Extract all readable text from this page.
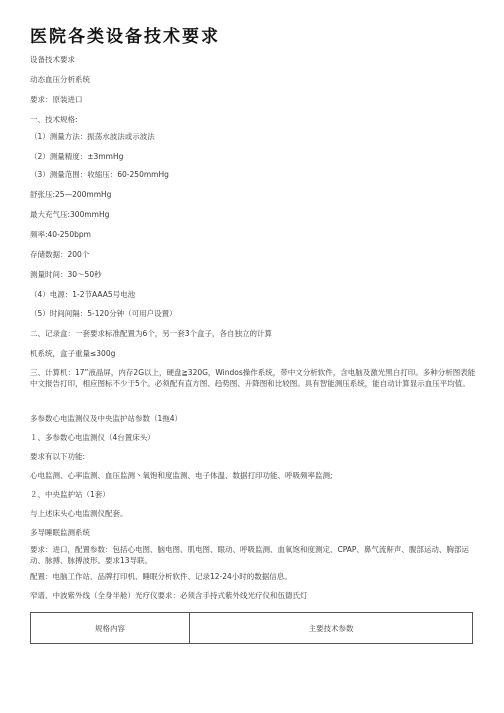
医院各类设备技术要求
设备技术要求
动态血压分析系统
要求：原装进口
一、技术规格:
（1）测量方法：振荡水波法或示波法
（2）测量精度：±3mmHg
（3）测量范围：收缩压：60-250mmHg
舒张压:25—200mmHg
最大充气压:300mmHg
频率:40-250bpm
存储数据：200个
测量时间：30～50秒
（4）电源：1-2节AAA5号电池
（5）时间间隔：5-120分钟（可用户设置）
二、记录盒：一套要求标准配置为6个，另一套3个盒子，各自独立的计算
机系统，盒子重量≤300g
三、计算机：17”液晶屏，内存2G以上，硬盘≧320G，Windos操作系统，带中文分析软件，含电脑及激光黑白打印。多种分析图表能中文报告打印，相应图标不少于5个。必须配有直方图、趋势图、升降图和比较图。具有智能测压系统，能自动计算显示血压平均值。
多参数心电监测仪及中央监护站参数（1拖4）
１、多参数心电监测仪（4台置床头）
要求有以下功能:
心电监测、心率监测、血压监测丶氧饱和度监测、电子体温、数据打印功能、呼吸频率监测;
２、中央监护站（1套）
与上述床头心电监测仪配套。
多导睡眠监测系统
要求：进口，配置参数：包括心电图、脑电图、肌电图、眼动、呼吸监测、血氧饱和度测定、CPAP、鼻气流鼾声、腹部运动、胸部运动、脉搏、脉搏波形。要求13导联。
配置：电脑工作站、品牌打印机、睡眠分析软件、记录12-24小时的数据信息。
窄谱、中波紫外线（全身半舱）光疗仪要求：必须含手持式紫外线光疗仪和伍德氏灯
规格内容	主要技术参数
